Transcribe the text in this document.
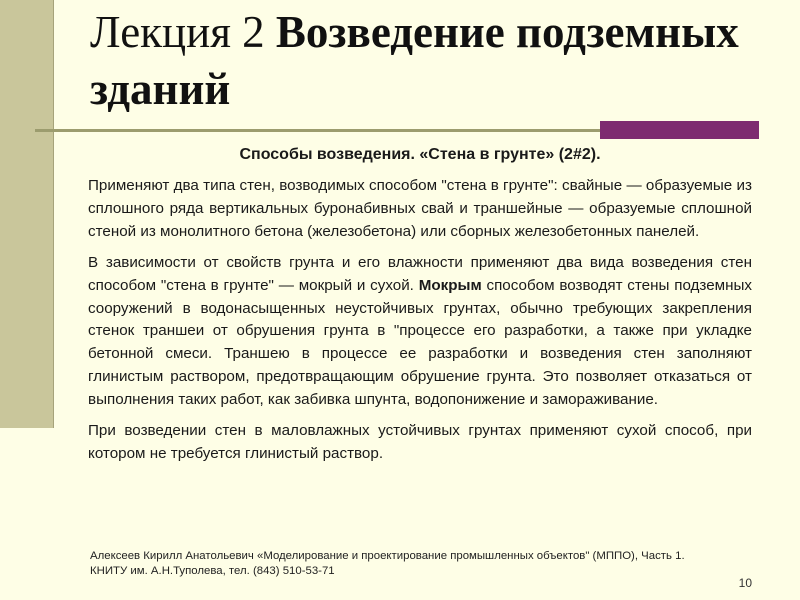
Лекция 2 Возведение подземных зданий

Способы возведения. «Стена в грунте» (2#2).

Применяют два типа стен, возводимых способом "стена в грунте": свайные — образуемые из сплошного ряда вертикальных буронабивных свай и траншейные — образуемые сплошной стеной из монолитного бетона (железобетона) или сборных железобетонных панелей.

В зависимости от свойств грунта и его влажности применяют два вида возведения стен способом "стена в грунте" — мокрый и сухой. Мокрым способом возводят стены подземных сооружений в водонасыщенных неустойчивых грунтах, обычно требующих закрепления стенок траншеи от обрушения грунта в "процессе его разработки, а также при укладке бетонной смеси. Траншею в процессе ее разработки и возведения стен заполняют глинистым раствором, предотвращающим обрушение грунта. Это позволяет отказаться от выполнения таких работ, как забивка шпунта, водопонижение и замораживание.

При возведении стен в маловлажных устойчивых грунтах применяют сухой способ, при котором не требуется глинистый раствор.

Алексеев Кирилл Анатольевич «Моделирование и проектирование промышленных объектов" (МППО), Часть 1.
КНИТУ им. А.Н.Туполева, тел. (843) 510-53-71
10
